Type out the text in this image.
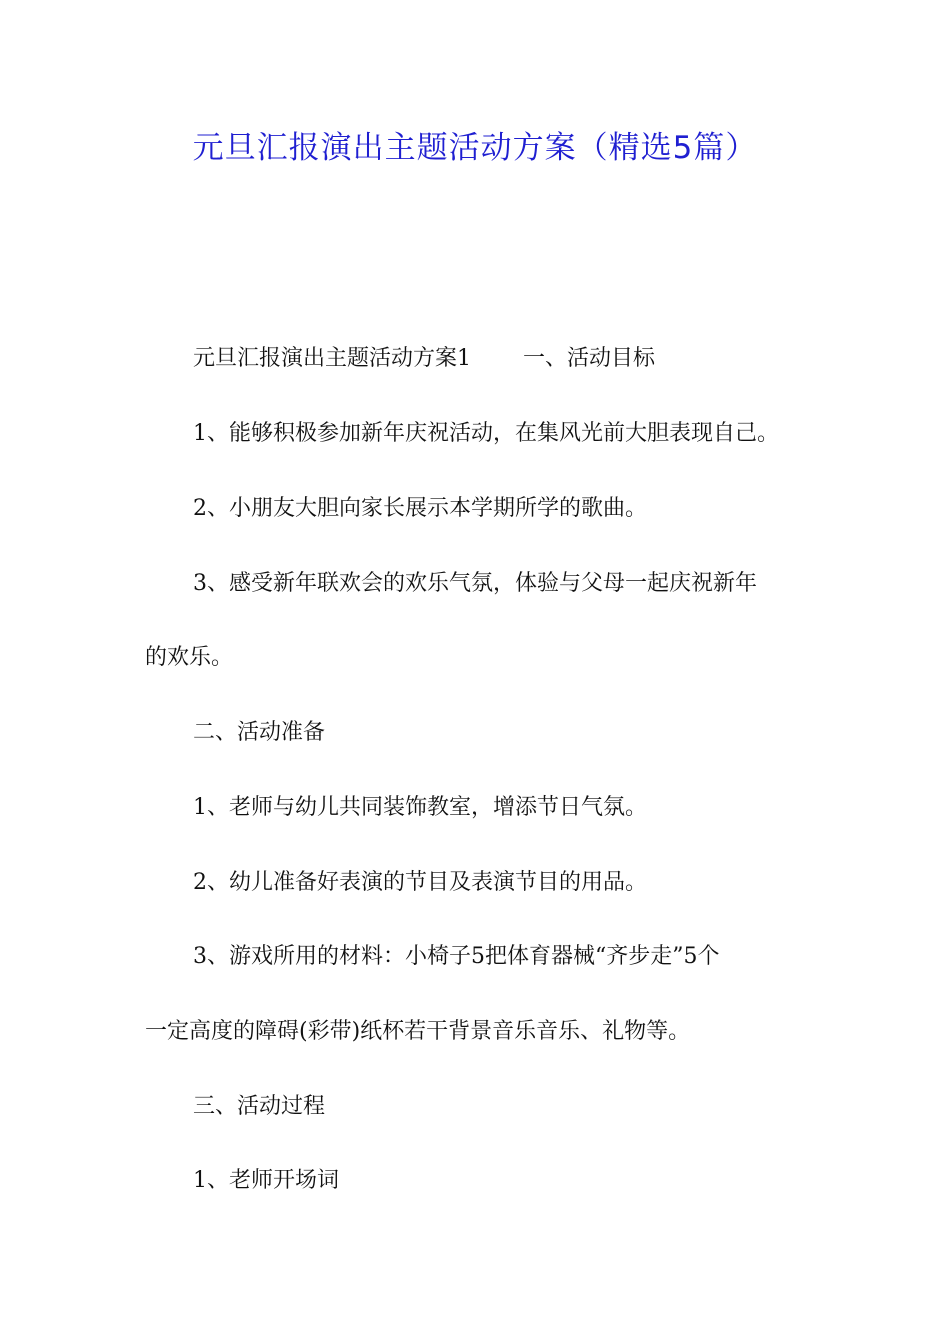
元旦汇报演出主题活动方案（精选5篇）

元旦汇报演出主题活动方案1 一、活动目标

1、能够积极参加新年庆祝活动，在集风光前大胆表现自己。

2、小朋友大胆向家长展示本学期所学的歌曲。

3、感受新年联欢会的欢乐气氛，体验与父母一起庆祝新年

的欢乐。

二、活动准备

1、老师与幼儿共同装饰教室，增添节日气氛。

2、幼儿准备好表演的节目及表演节目的用品。

3、游戏所用的材料：小椅子5把体育器械“齐步走”5个

一定高度的障碍(彩带)纸杯若干背景音乐音乐、礼物等。

三、活动过程

1、老师开场词
